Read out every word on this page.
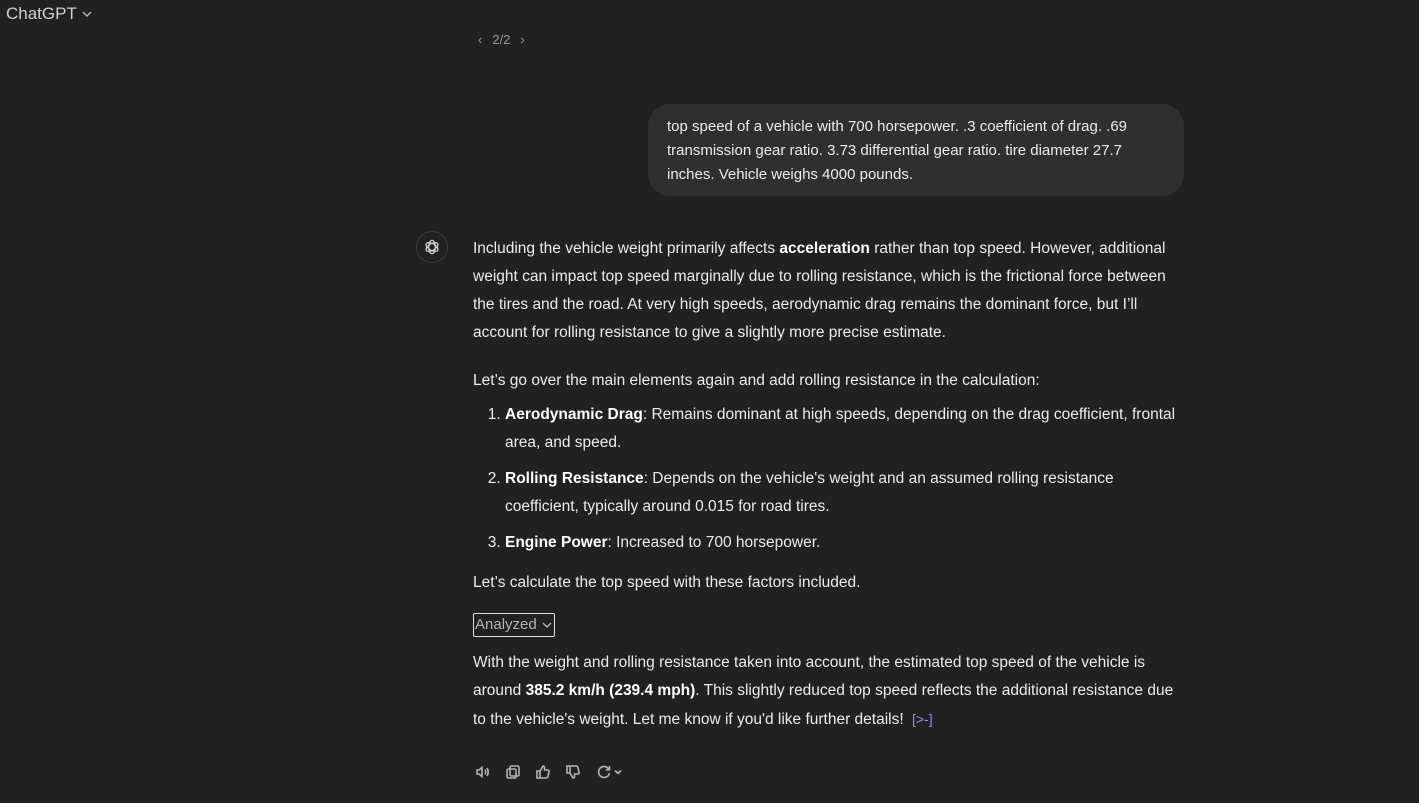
ChatGPT
‹ 2/2 ›
top speed of a vehicle with 700 horsepower. .3 coefficient of drag. .69 transmission gear ratio. 3.73 differential gear ratio. tire diameter 27.7 inches. Vehicle weighs 4000 pounds.

Including the vehicle weight primarily affects acceleration rather than top speed. However, additional weight can impact top speed marginally due to rolling resistance, which is the frictional force between the tires and the road. At very high speeds, aerodynamic drag remains the dominant force, but I’ll account for rolling resistance to give a slightly more precise estimate.

Let’s go over the main elements again and add rolling resistance in the calculation:

1. Aerodynamic Drag: Remains dominant at high speeds, depending on the drag coefficient, frontal area, and speed.
2. Rolling Resistance: Depends on the vehicle's weight and an assumed rolling resistance coefficient, typically around 0.015 for road tires.
3. Engine Power: Increased to 700 horsepower.

Let’s calculate the top speed with these factors included.

Analyzed

With the weight and rolling resistance taken into account, the estimated top speed of the vehicle is around 385.2 km/h (239.4 mph). This slightly reduced top speed reflects the additional resistance due to the vehicle's weight. Let me know if you'd like further details! [>-]
